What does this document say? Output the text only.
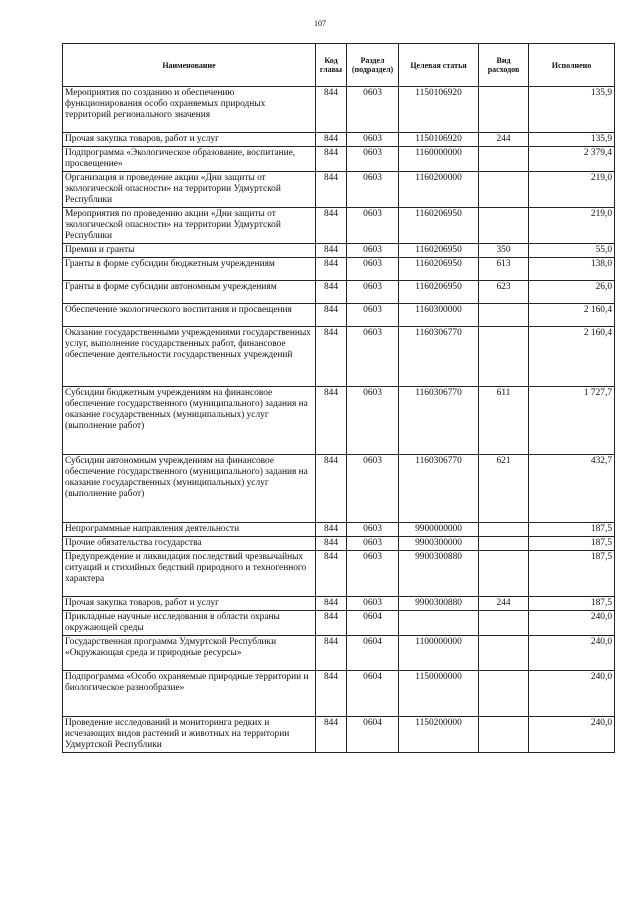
107
Наименование	Код главы	Раздел (подраздел)	Целевая статья	Вид расходов	Исполнено
Мероприятия по созданию и обеспечению функционирования особо охраняемых природных территорий регионального значения	844	0603	1150106920		135,9
Прочая закупка товаров, работ и услуг	844	0603	1150106920	244	135,9
Подпрограмма «Экологическое образование, воспитание, просвещение»	844	0603	1160000000		2 379,4
Организация и проведение акции «Дни защиты от экологической опасности» на территории Удмуртской Республики	844	0603	1160200000		219,0
Мероприятия по проведению акции «Дни защиты от экологической опасности» на территории Удмуртской Республики	844	0603	1160206950		219,0
Премии и гранты	844	0603	1160206950	350	55,0
Гранты в форме субсидии бюджетным учреждениям	844	0603	1160206950	613	138,0
Гранты в форме субсидии автономным учреждениям	844	0603	1160206950	623	26,0
Обеспечение экологического воспитания и просвещения	844	0603	1160300000		2 160,4
Оказание государственными учреждениями государственных услуг, выполнение государственных работ, финансовое обеспечение деятельности государственных учреждений	844	0603	1160306770		2 160,4
Субсидии бюджетным учреждениям на финансовое обеспечение государственного (муниципального) задания на оказание государственных (муниципальных) услуг (выполнение работ)	844	0603	1160306770	611	1 727,7
Субсидии автономным учреждениям на финансовое обеспечение государственного (муниципального) задания на оказание государственных (муниципальных) услуг (выполнение работ)	844	0603	1160306770	621	432,7
Непрограммные направления деятельности	844	0603	9900000000		187,5
Прочие обязательства государства	844	0603	9900300000		187,5
Предупреждение и ликвидация последствий чрезвычайных ситуаций и стихийных бедствий природного и техногенного характера	844	0603	9900300880		187,5
Прочая закупка товаров, работ и услуг	844	0603	9900300880	244	187,5
Прикладные научные исследования в области охраны окружающей среды	844	0604			240,0
Государственная программа Удмуртской Республики «Окружающая среда и природные ресурсы»	844	0604	1100000000		240,0
Подпрограмма «Особо охраняемые природные территории и биологическое разнообразие»	844	0604	1150000000		240,0
Проведение исследований и мониторинга редких и исчезающих видов растений и животных на территории Удмуртской Республики	844	0604	1150200000		240,0
